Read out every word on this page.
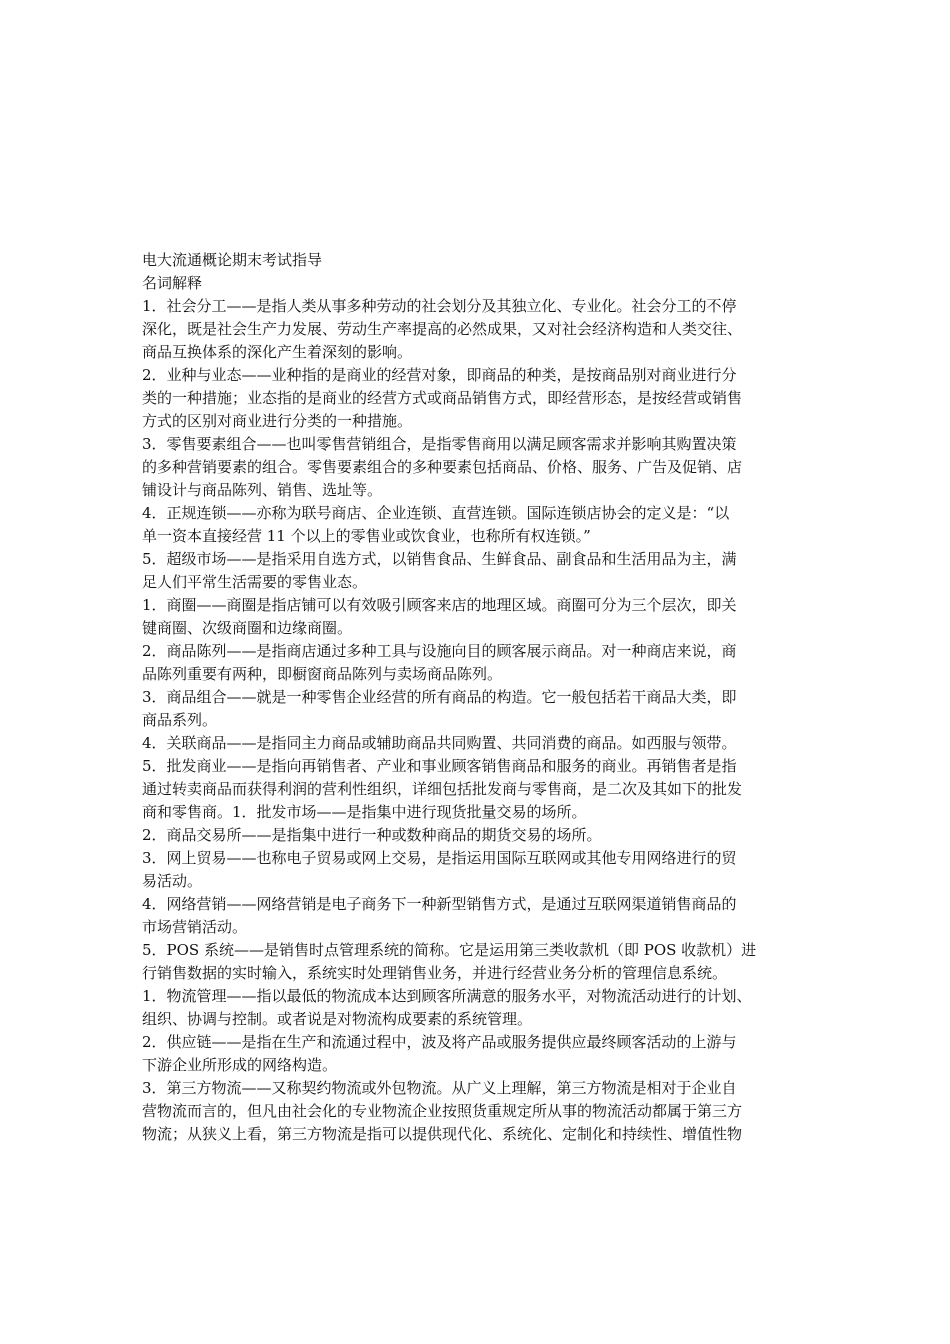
电大流通概论期末考试指导
名词解释
1．社会分工——是指人类从事多种劳动的社会划分及其独立化、专业化。社会分工的不停
深化，既是社会生产力发展、劳动生产率提高的必然成果，又对社会经济构造和人类交往、
商品互换体系的深化产生着深刻的影响。
2．业种与业态——业种指的是商业的经营对象，即商品的种类，是按商品别对商业进行分
类的一种措施；业态指的是商业的经营方式或商品销售方式，即经营形态，是按经营或销售
方式的区别对商业进行分类的一种措施。
3．零售要素组合——也叫零售营销组合，是指零售商用以满足顾客需求并影响其购置决策
的多种营销要素的组合。零售要素组合的多种要素包括商品、价格、服务、广告及促销、店
铺设计与商品陈列、销售、选址等。
4．正规连锁——亦称为联号商店、企业连锁、直营连锁。国际连锁店协会的定义是：“以
单一资本直接经营 11 个以上的零售业或饮食业，也称所有权连锁。”
5．超级市场——是指采用自选方式，以销售食品、生鲜食品、副食品和生活用品为主，满
足人们平常生活需要的零售业态。
1．商圈——商圈是指店铺可以有效吸引顾客来店的地理区域。商圈可分为三个层次，即关
键商圈、次级商圈和边缘商圈。
2．商品陈列——是指商店通过多种工具与设施向目的顾客展示商品。对一种商店来说，商
品陈列重要有两种，即橱窗商品陈列与卖场商品陈列。
3．商品组合——就是一种零售企业经营的所有商品的构造。它一般包括若干商品大类，即
商品系列。
4．关联商品——是指同主力商品或辅助商品共同购置、共同消费的商品。如西服与领带。
5．批发商业——是指向再销售者、产业和事业顾客销售商品和服务的商业。再销售者是指
通过转卖商品而获得利润的营利性组织，详细包括批发商与零售商，是二次及其如下的批发
商和零售商。1．批发市场——是指集中进行现货批量交易的场所。
2．商品交易所——是指集中进行一种或数种商品的期货交易的场所。
3．网上贸易——也称电子贸易或网上交易，是指运用国际互联网或其他专用网络进行的贸
易活动。
4．网络营销——网络营销是电子商务下一种新型销售方式，是通过互联网渠道销售商品的
市场营销活动。
5．POS 系统——是销售时点管理系统的简称。它是运用第三类收款机（即 POS 收款机）进
行销售数据的实时输入，系统实时处理销售业务，并进行经营业务分析的管理信息系统。
1．物流管理——指以最低的物流成本达到顾客所满意的服务水平，对物流活动进行的计划、
组织、协调与控制。或者说是对物流构成要素的系统管理。
2．供应链——是指在生产和流通过程中，波及将产品或服务提供应最终顾客活动的上游与
下游企业所形成的网络构造。
3．第三方物流——又称契约物流或外包物流。从广义上理解，第三方物流是相对于企业自
营物流而言的，但凡由社会化的专业物流企业按照货重规定所从事的物流活动都属于第三方
物流；从狭义上看，第三方物流是指可以提供现代化、系统化、定制化和持续性、增值性物
